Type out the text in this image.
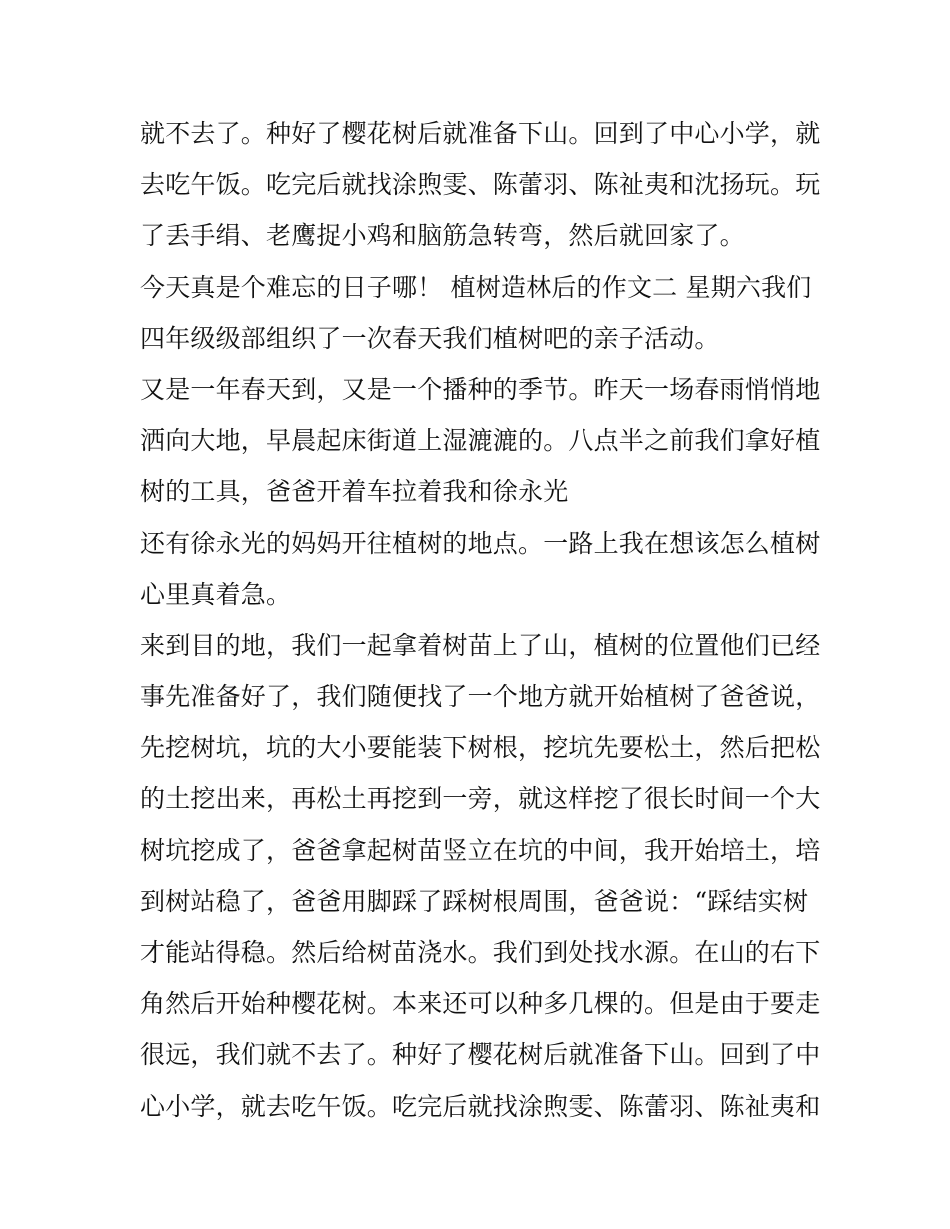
就不去了。种好了樱花树后就准备下山。回到了中心小学，就
去吃午饭。吃完后就找涂煦雯、陈蕾羽、陈祉夷和沈扬玩。玩
了丢手绢、老鹰捉小鸡和脑筋急转弯，然后就回家了。
今天真是个难忘的日子哪！ 植树造林后的作文二 星期六我们
四年级级部组织了一次春天我们植树吧的亲子活动。
又是一年春天到，又是一个播种的季节。昨天一场春雨悄悄地
洒向大地，早晨起床街道上湿漉漉的。八点半之前我们拿好植
树的工具，爸爸开着车拉着我和徐永光
还有徐永光的妈妈开往植树的地点。一路上我在想该怎么植树
心里真着急。
来到目的地，我们一起拿着树苗上了山，植树的位置他们已经
事先准备好了，我们随便找了一个地方就开始植树了爸爸说，
先挖树坑，坑的大小要能装下树根，挖坑先要松土，然后把松
的土挖出来，再松土再挖到一旁，就这样挖了很长时间一个大
树坑挖成了，爸爸拿起树苗竖立在坑的中间，我开始培土，培
到树站稳了，爸爸用脚踩了踩树根周围，爸爸说：“踩结实树
才能站得稳。然后给树苗浇水。我们到处找水源。在山的右下
角然后开始种樱花树。本来还可以种多几棵的。但是由于要走
很远，我们就不去了。种好了樱花树后就准备下山。回到了中
心小学，就去吃午饭。吃完后就找涂煦雯、陈蕾羽、陈祉夷和
